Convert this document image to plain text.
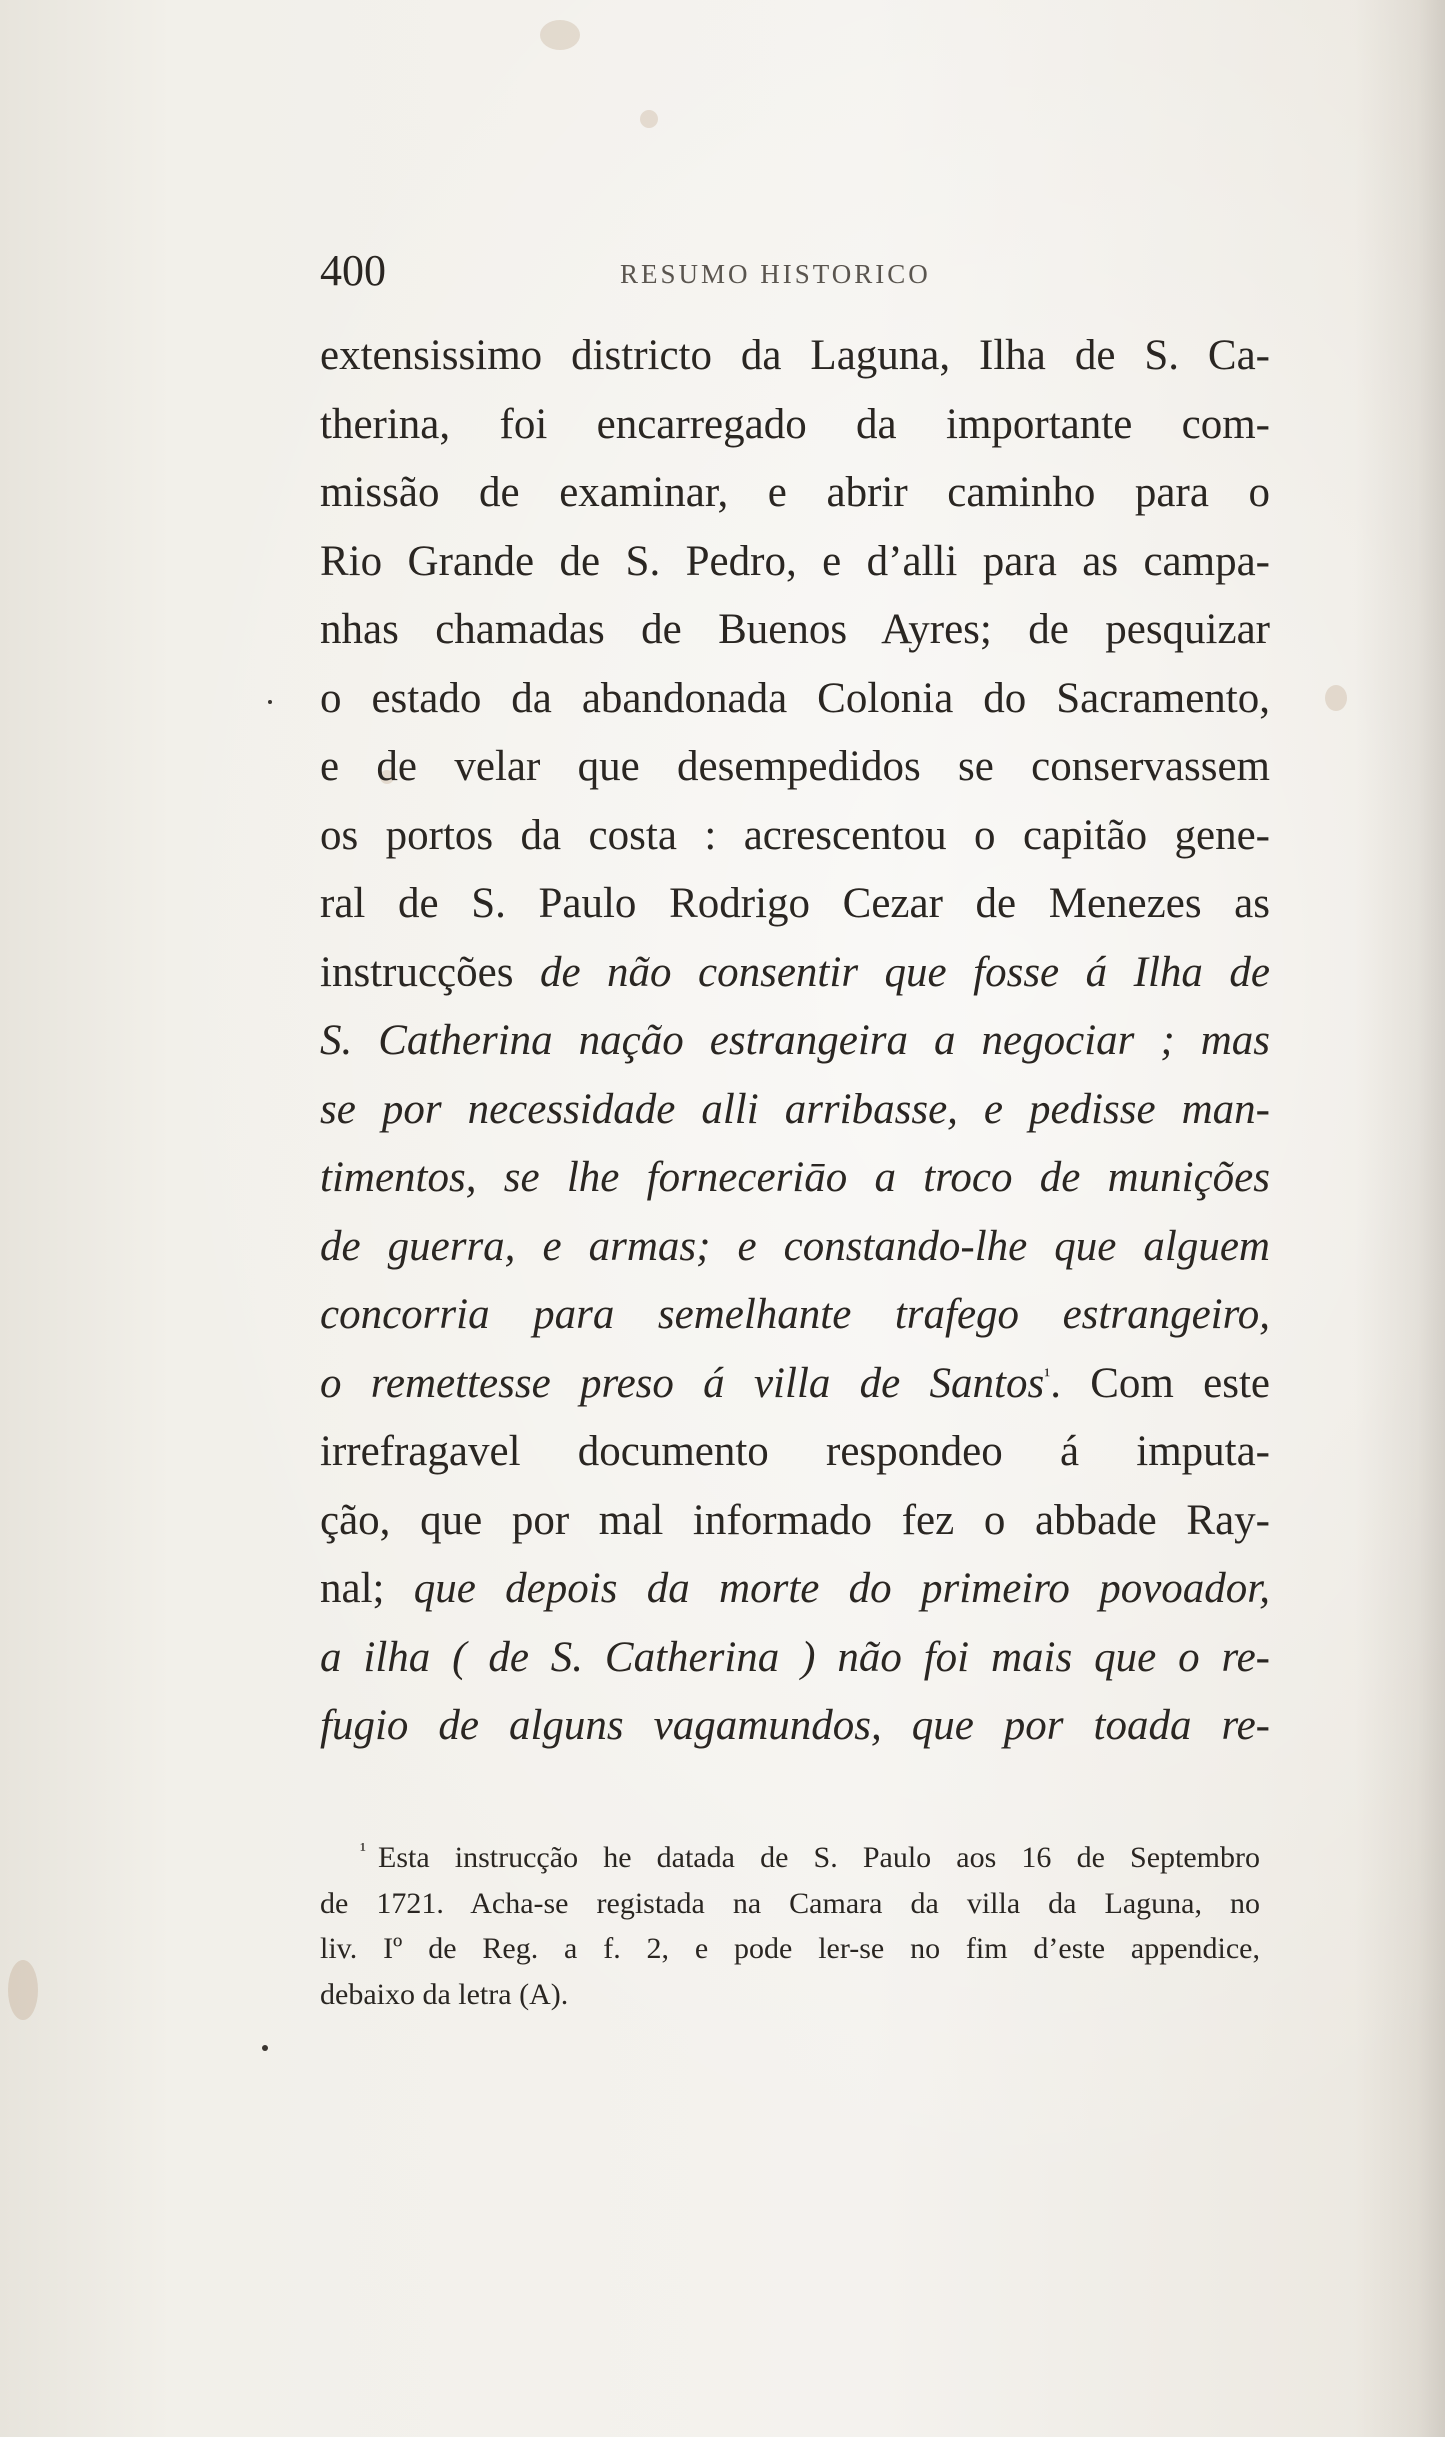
400	RESUMO HISTORICO
extensissimo districto da Laguna, Ilha de S. Ca-
therina, foi encarregado da importante com-
missão de examinar, e abrir caminho para o
Rio Grande de S. Pedro, e d’alli para as campa-
nhas chamadas de Buenos Ayres; de pesquizar
o estado da abandonada Colonia do Sacramento,
e de velar que desempedidos se conservassem
os portos da costa : acrescentou o capitão gene-
ral de S. Paulo Rodrigo Cezar de Menezes as
instrucções de não consentir que fosse á Ilha de
S. Catherina nação estrangeira a negociar ; mas
se por necessidade alli arribasse, e pedisse man-
timentos, se lhe forneceriāo a troco de munições
de guerra, e armas; e constando-lhe que alguem
concorria para semelhante trafego estrangeiro,
o remettesse preso á villa de Santos$^{^1}$. Com este
irrefragavel documento respondeo á imputa-
ção, que por mal informado fez o abbade Ray-
nal; que depois da morte do primeiro povoador,
a ilha ( de S. Catherina ) não foi mais que o re-
fugio de alguns vagamundos, que por toada re-
$^{^1}$ Esta instrucção he datada de S. Paulo aos 16 de Septembro
de 1721. Acha-se registada na Camara da villa da Laguna, no
liv. Iº de Reg. a f. 2, e pode ler-se no fim d’este appendice,
debaixo da letra (A).
